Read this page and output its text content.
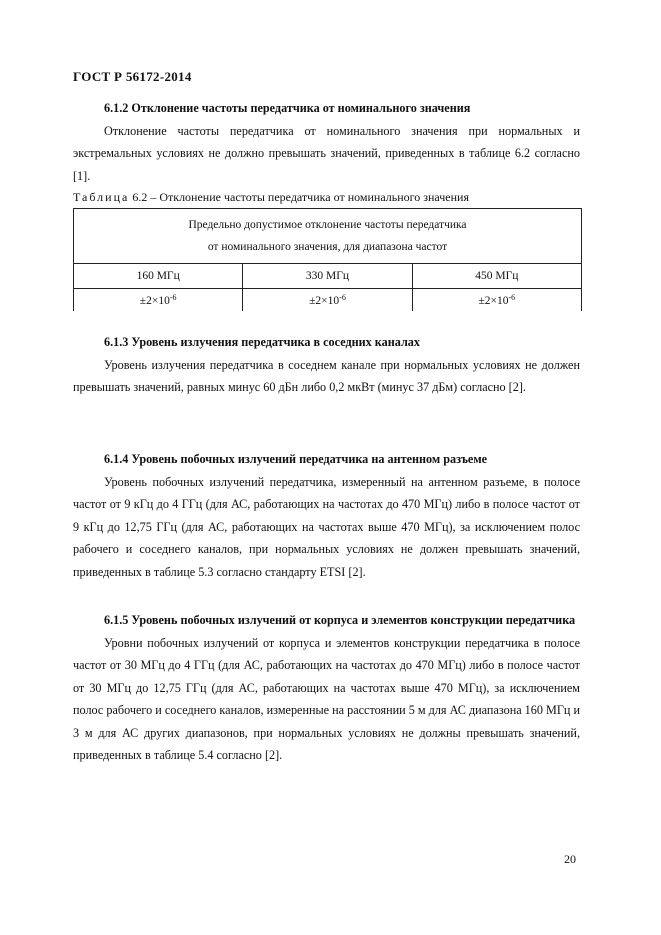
ГОСТ Р 56172-2014
6.1.2 Отклонение частоты передатчика от номинального значения
Отклонение частоты передатчика от номинального значения при нормальных и экстремальных условиях не должно превышать значений, приведенных в таблице 6.2 согласно [1].
Таблица 6.2 – Отклонение частоты передатчика от номинального значения
Предельно допустимое отклонение частоты передатчика
от номинального значения, для диапазона частот		

160 МГц	330 МГц	450 МГц
$\pm 2\times 10^{-6}$	$\pm 2\times 10^{-6}$	$\pm 2\times 10^{-6}$
6.1.3 Уровень излучения передатчика в соседних каналах
Уровень излучения передатчика в соседнем канале при нормальных условиях не должен превышать значений, равных минус 60 дБн либо 0,2 мкВт (минус 37 дБм) согласно [2].
6.1.4 Уровень побочных излучений передатчика на антенном разъеме
Уровень побочных излучений передатчика, измеренный на антенном разъеме, в полосе частот от 9 кГц до 4 ГГц (для АС, работающих на частотах до 470 МГц) либо в полосе частот от 9 кГц до 12,75 ГГц (для АС, работающих на частотах выше 470 МГц), за исключением полос рабочего и соседнего каналов, при нормальных условиях не должен превышать значений, приведенных в таблице 5.3 согласно стандарту ETSI [2].
6.1.5 Уровень побочных излучений от корпуса и элементов конструкции передатчика
Уровни побочных излучений от корпуса и элементов конструкции передатчика в полосе частот от 30 МГц до 4 ГГц (для АС, работающих на частотах до 470 МГц) либо в полосе частот от 30 МГц до 12,75 ГГц (для АС, работающих на частотах выше 470 МГц), за исключением полос рабочего и соседнего каналов, измеренные на расстоянии 5 м для АС диапазона 160 МГц и 3 м для АС других диапазонов, при нормальных условиях не должны превышать значений, приведенных в таблице 5.4 согласно [2].
20
